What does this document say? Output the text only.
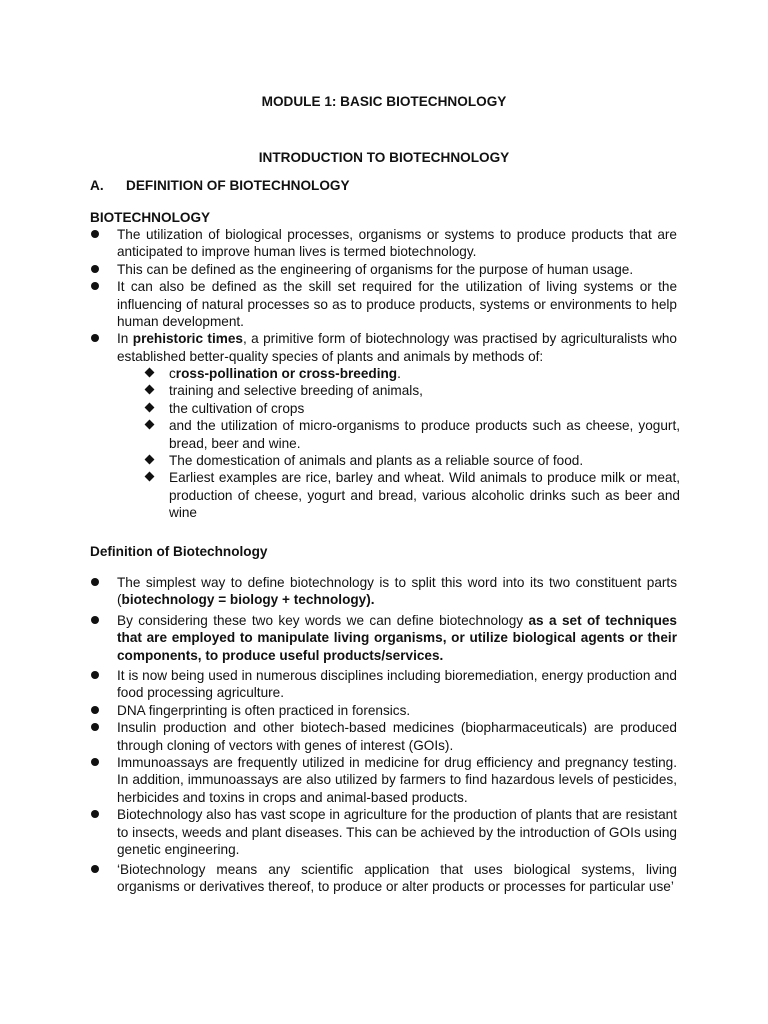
MODULE 1: BASIC BIOTECHNOLOGY
INTRODUCTION TO BIOTECHNOLOGY
A. DEFINITION OF BIOTECHNOLOGY
BIOTECHNOLOGY
The utilization of biological processes, organisms or systems to produce products that are anticipated to improve human lives is termed biotechnology.
This can be defined as the engineering of organisms for the purpose of human usage.
It can also be defined as the skill set required for the utilization of living systems or the influencing of natural processes so as to produce products, systems or environments to help human development.
In prehistoric times, a primitive form of biotechnology was practised by agriculturalists who established better-quality species of plants and animals by methods of:
cross-pollination or cross-breeding.
training and selective breeding of animals,
the cultivation of crops
and the utilization of micro-organisms to produce products such as cheese, yogurt, bread, beer and wine.
The domestication of animals and plants as a reliable source of food.
Earliest examples are rice, barley and wheat. Wild animals to produce milk or meat, production of cheese, yogurt and bread, various alcoholic drinks such as beer and wine
Definition of Biotechnology
The simplest way to define biotechnology is to split this word into its two constituent parts (biotechnology = biology + technology).
By considering these two key words we can define biotechnology as a set of techniques that are employed to manipulate living organisms, or utilize biological agents or their components, to produce useful products/services.
It is now being used in numerous disciplines including bioremediation, energy production and food processing agriculture.
DNA fingerprinting is often practiced in forensics.
Insulin production and other biotech-based medicines (biopharmaceuticals) are produced through cloning of vectors with genes of interest (GOIs).
Immunoassays are frequently utilized in medicine for drug efficiency and pregnancy testing. In addition, immunoassays are also utilized by farmers to find hazardous levels of pesticides, herbicides and toxins in crops and animal-based products.
Biotechnology also has vast scope in agriculture for the production of plants that are resistant to insects, weeds and plant diseases. This can be achieved by the introduction of GOIs using genetic engineering.
‘Biotechnology means any scientific application that uses biological systems, living organisms or derivatives thereof, to produce or alter products or processes for particular use’
